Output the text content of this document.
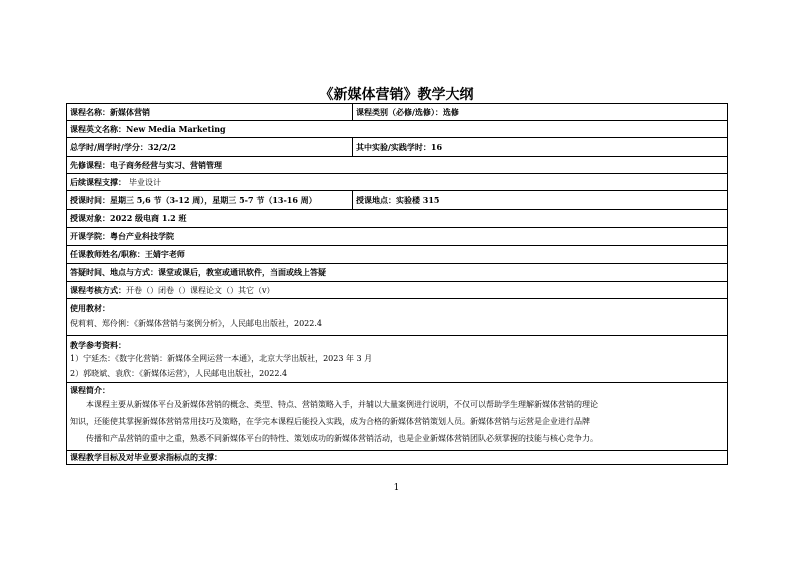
《新媒体营销》教学大纲
课程名称： 新媒体营销	课程类别（必修/选修）： 选修
课程英文名称： New Media Marketing
总学时/周学时/学分： 32/2/2	其中实验/实践学时： 16
先修课程： 电子商务经营与实习、营销管理
后续课程支撑： 毕业设计
授课时间： 星期三 5,6 节（3-12 周），星期三 5-7 节（13-16 周）	授课地点： 实验楼 315
授课对象： 2022 级电商 1.2 班
开课学院： 粤台产业科技学院
任课教师姓名/职称： 王婧宇老师
答疑时间、地点与方式： 课堂或课后，教室或通讯软件，当面或线上答疑
课程考核方式： 开卷（）闭卷（）课程论文（）其它（v）
使用教材：
倪莉莉、郑伶俐：《新媒体营销与案例分析》，人民邮电出版社，2022.4
教学参考资料：
1）宁延杰：《数字化营销：新媒体全网运营一本通》，北京大学出版社，2023 年 3 月
2）郭晓斌、袁欣：《新媒体运营》，人民邮电出版社，2022.4
课程简介：
本课程主要从新媒体平台及新媒体营销的概念、类型、特点、营销策略入手，并辅以大量案例进行说明，不仅可以帮助学生理解新媒体营销的理论
知识，还能使其掌握新媒体营销常用技巧及策略，在学完本课程后能投入实践，成为合格的新媒体营销策划人员。新媒体营销与运营是企业进行品牌
传播和产品营销的重中之重，熟悉不同新媒体平台的特性、策划成功的新媒体营销活动，也是企业新媒体营销团队必须掌握的技能与核心竞争力。
课程教学目标及对毕业要求指标点的支撑：
1
